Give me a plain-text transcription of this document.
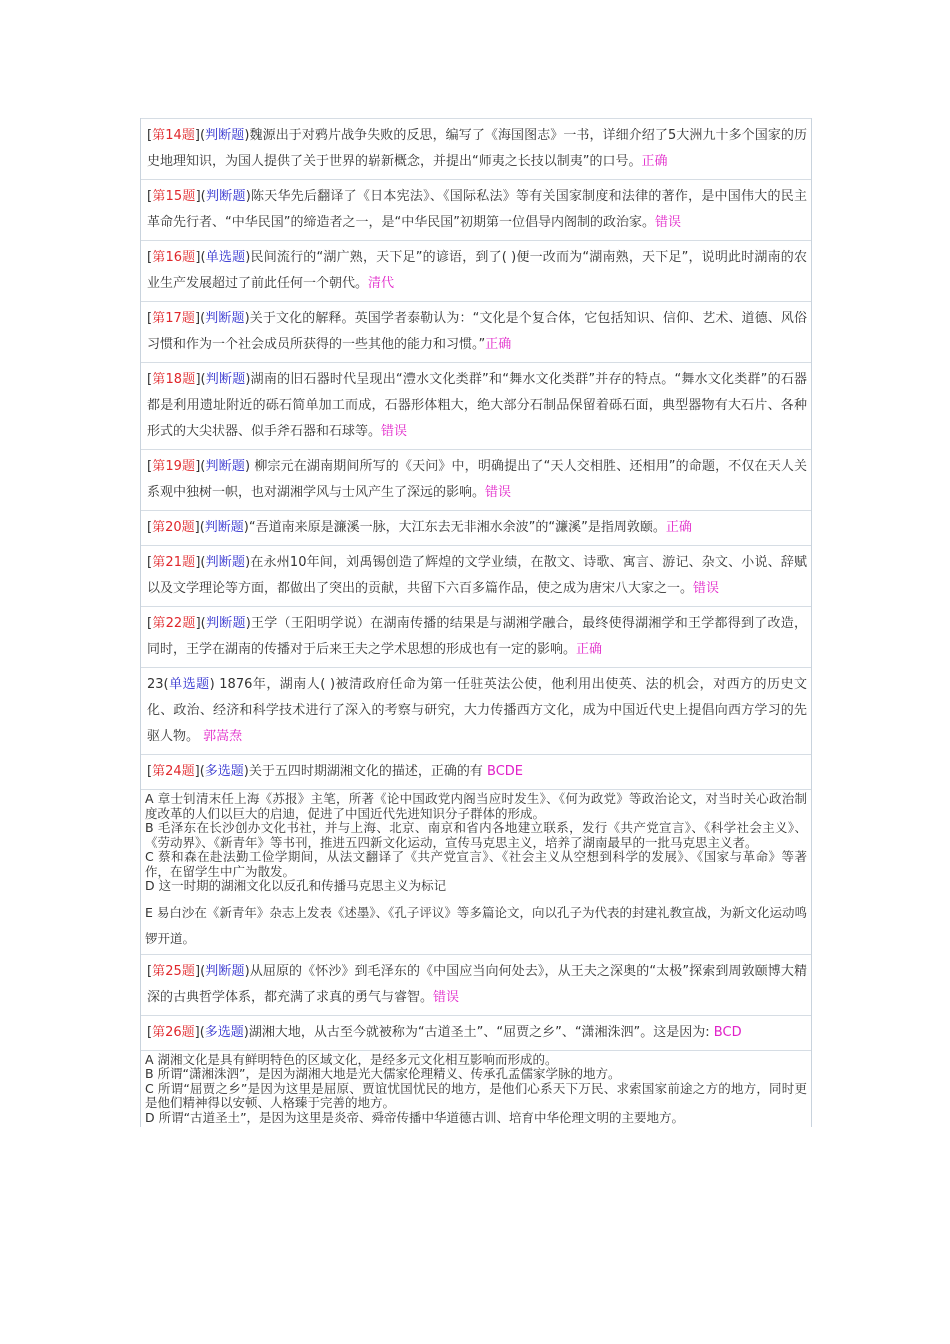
[第14题](判断题)魏源出于对鸦片战争失败的反思，编写了《海国图志》一书，详细介绍了5大洲九十多个国家的历史地理知识，为国人提供了关于世界的崭新概念，并提出“师夷之长技以制夷”的口号。正确
[第15题](判断题)陈天华先后翻译了《日本宪法》、《国际私法》等有关国家制度和法律的著作，是中国伟大的民主革命先行者、“中华民国”的缔造者之一，是“中华民国”初期第一位倡导内阁制的政治家。错误
[第16题](单选题)民间流行的“湖广熟，天下足”的谚语，到了( )便一改而为“湖南熟，天下足”，说明此时湖南的农业生产发展超过了前此任何一个朝代。清代
[第17题](判断题)关于文化的解释。英国学者泰勒认为：“文化是个复合体，它包括知识、信仰、艺术、道德、风俗习惯和作为一个社会成员所获得的一些其他的能力和习惯。”正确
[第18题](判断题)湖南的旧石器时代呈现出“澧水文化类群”和“舞水文化类群”并存的特点。“舞水文化类群”的石器都是利用遗址附近的砾石简单加工而成，石器形体粗大，绝大部分石制品保留着砾石面，典型器物有大石片、各种形式的大尖状器、似手斧石器和石球等。错误
[第19题](判断题) 柳宗元在湖南期间所写的《天问》中，明确提出了“天人交相胜、还相用”的命题，不仅在天人关系观中独树一帜，也对湖湘学风与士风产生了深远的影响。错误
[第20题](判断题)“吾道南来原是濂溪一脉，大江东去无非湘水余波”的“濂溪”是指周敦颐。正确
[第21题](判断题)在永州10年间，刘禹锡创造了辉煌的文学业绩，在散文、诗歌、寓言、游记、杂文、小说、辞赋以及文学理论等方面，都做出了突出的贡献，共留下六百多篇作品，使之成为唐宋八大家之一。错误
[第22题](判断题)王学（王阳明学说）在湖南传播的结果是与湖湘学融合，最终使得湖湘学和王学都得到了改造，同时，王学在湖南的传播对于后来王夫之学术思想的形成也有一定的影响。正确
23(单选题) 1876年，湖南人( )被清政府任命为第一任驻英法公使，他利用出使英、法的机会，对西方的历史文化、政治、经济和科学技术进行了深入的考察与研究，大力传播西方文化，成为中国近代史上提倡向西方学习的先驱人物。 郭嵩焘
[第24题](多选题)关于五四时期湖湘文化的描述，正确的有 BCDE

A 章士钊清末任上海《苏报》主笔，所著《论中国政党内阁当应时发生》、《何为政党》等政治论文，对当时关心政治制度改革的人们以巨大的启迪，促进了中国近代先进知识分子群体的形成。

B 毛泽东在长沙创办文化书社，并与上海、北京、南京和省内各地建立联系，发行《共产党宣言》、《科学社会主义》、《劳动界》、《新青年》等书刊，推进五四新文化运动，宣传马克思主义，培养了湖南最早的一批马克思主义者。

C 蔡和森在赴法勤工俭学期间，从法文翻译了《共产党宣言》、《社会主义从空想到科学的发展》、《国家与革命》等著作，在留学生中广为散发。

D 这一时期的湖湘文化以反孔和传播马克思主义为标记

E 易白沙在《新青年》杂志上发表《述墨》、《孔子评议》等多篇论文，向以孔子为代表的封建礼教宣战，为新文化运动鸣锣开道。

[第25题](判断题)从屈原的《怀沙》到毛泽东的《中国应当向何处去》，从王夫之深奥的“太极”探索到周敦颐博大精深的古典哲学体系，都充满了求真的勇气与睿智。错误
[第26题](多选题)湖湘大地，从古至今就被称为“古道圣土”、“屈贾之乡”、“潇湘洙泗”。这是因为: BCD

A 湖湘文化是具有鲜明特色的区域文化，是经多元文化相互影响而形成的。

B 所谓“潇湘洙泗”，是因为湖湘大地是光大儒家伦理精义、传承孔孟儒家学脉的地方。

C 所谓“屈贾之乡”是因为这里是屈原、贾谊忧国忧民的地方，是他们心系天下万民、求索国家前途之方的地方，同时更是他们精神得以安顿、人格臻于完善的地方。

D 所谓“古道圣土”，是因为这里是炎帝、舜帝传播中华道德古训、培育中华伦理文明的主要地方。
